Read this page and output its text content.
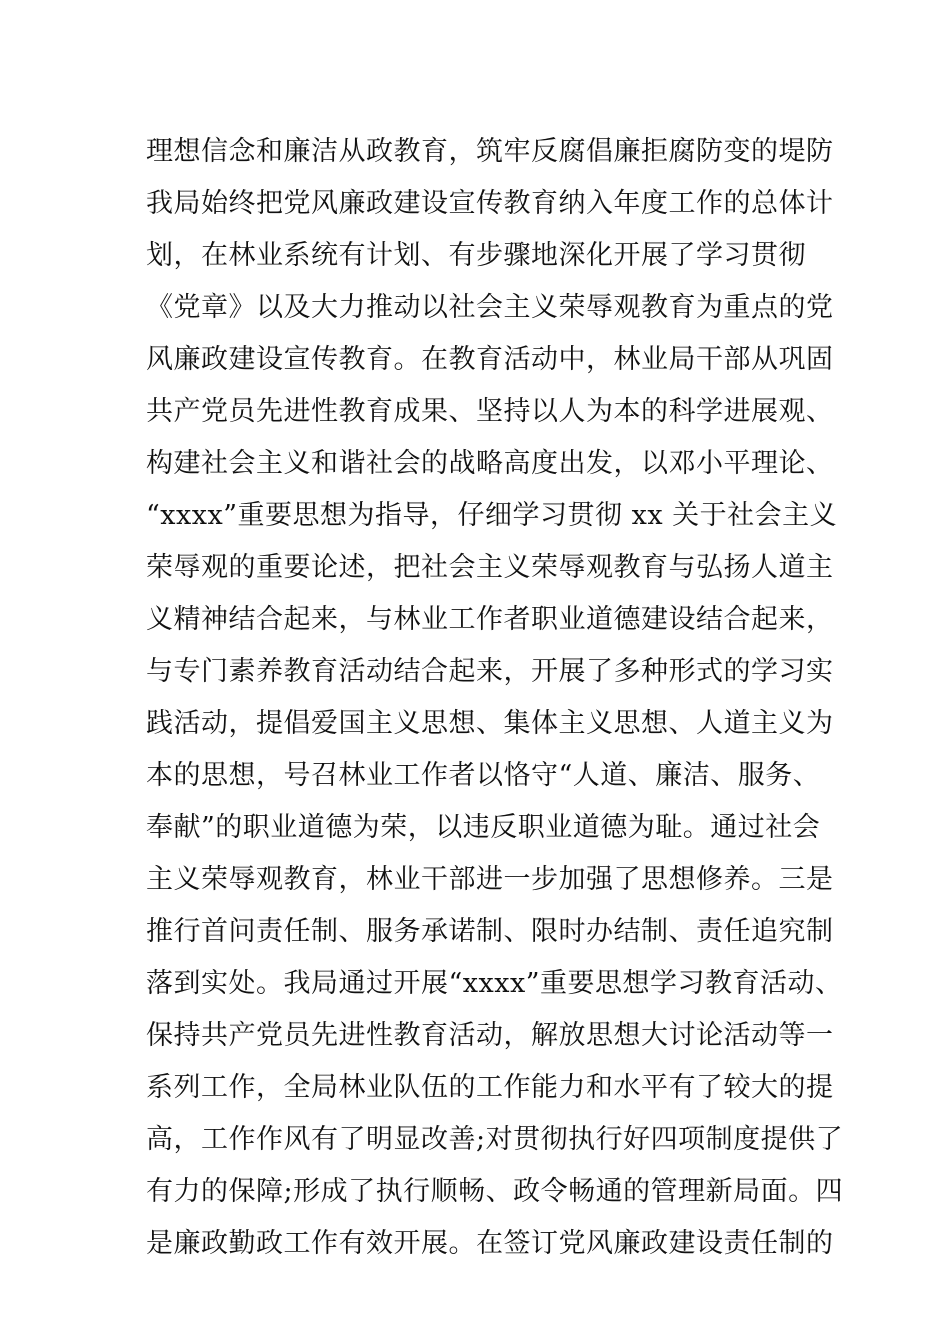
理想信念和廉洁从政教育，筑牢反腐倡廉拒腐防变的堤防
我局始终把党风廉政建设宣传教育纳入年度工作的总体计
划，在林业系统有计划、有步骤地深化开展了学习贯彻
《党章》以及大力推动以社会主义荣辱观教育为重点的党
风廉政建设宣传教育。在教育活动中，林业局干部从巩固
共产党员先进性教育成果、坚持以人为本的科学进展观、
构建社会主义和谐社会的战略高度出发，以邓小平理论、
“xxxx”重要思想为指导，仔细学习贯彻 xx 关于社会主义
荣辱观的重要论述，把社会主义荣辱观教育与弘扬人道主
义精神结合起来，与林业工作者职业道德建设结合起来，
与专门素养教育活动结合起来，开展了多种形式的学习实
践活动，提倡爱国主义思想、集体主义思想、人道主义为
本的思想，号召林业工作者以恪守“人道、廉洁、服务、
奉献”的职业道德为荣，以违反职业道德为耻。通过社会
主义荣辱观教育，林业干部进一步加强了思想修养。三是
推行首问责任制、服务承诺制、限时办结制、责任追究制
落到实处。我局通过开展“xxxx”重要思想学习教育活动、
保持共产党员先进性教育活动，解放思想大讨论活动等一
系列工作，全局林业队伍的工作能力和水平有了较大的提
高，工作作风有了明显改善;对贯彻执行好四项制度提供了
有力的保障;形成了执行顺畅、政令畅通的管理新局面。四
是廉政勤政工作有效开展。在签订党风廉政建设责任制的
